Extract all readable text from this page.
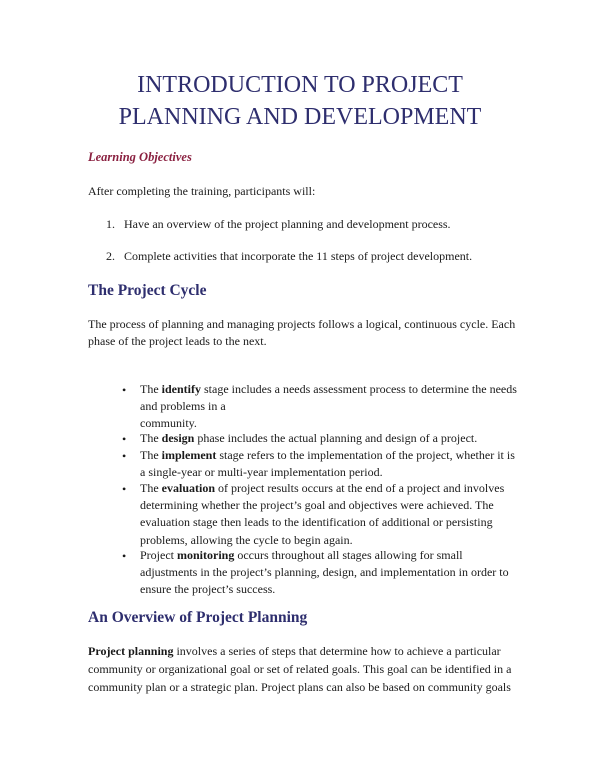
INTRODUCTION TO PROJECT
PLANNING AND DEVELOPMENT
Learning Objectives
After completing the training, participants will:
1. Have an overview of the project planning and development process.
2. Complete activities that incorporate the 11 steps of project development.
The Project Cycle
The process of planning and managing projects follows a logical, continuous cycle. Each
phase of the project leads to the next.
• The identify stage includes a needs assessment process to determine the needs
and problems in a
community.
• The design phase includes the actual planning and design of a project.
• The implement stage refers to the implementation of the project, whether it is
a single-year or multi-year implementation period.
• The evaluation of project results occurs at the end of a project and involves
determining whether the project’s goal and objectives were achieved. The
evaluation stage then leads to the identification of additional or persisting
problems, allowing the cycle to begin again.
• Project monitoring occurs throughout all stages allowing for small
adjustments in the project’s planning, design, and implementation in order to
ensure the project’s success.
An Overview of Project Planning
Project planning involves a series of steps that determine how to achieve a particular
community or organizational goal or set of related goals. This goal can be identified in a
community plan or a strategic plan. Project plans can also be based on community goals
